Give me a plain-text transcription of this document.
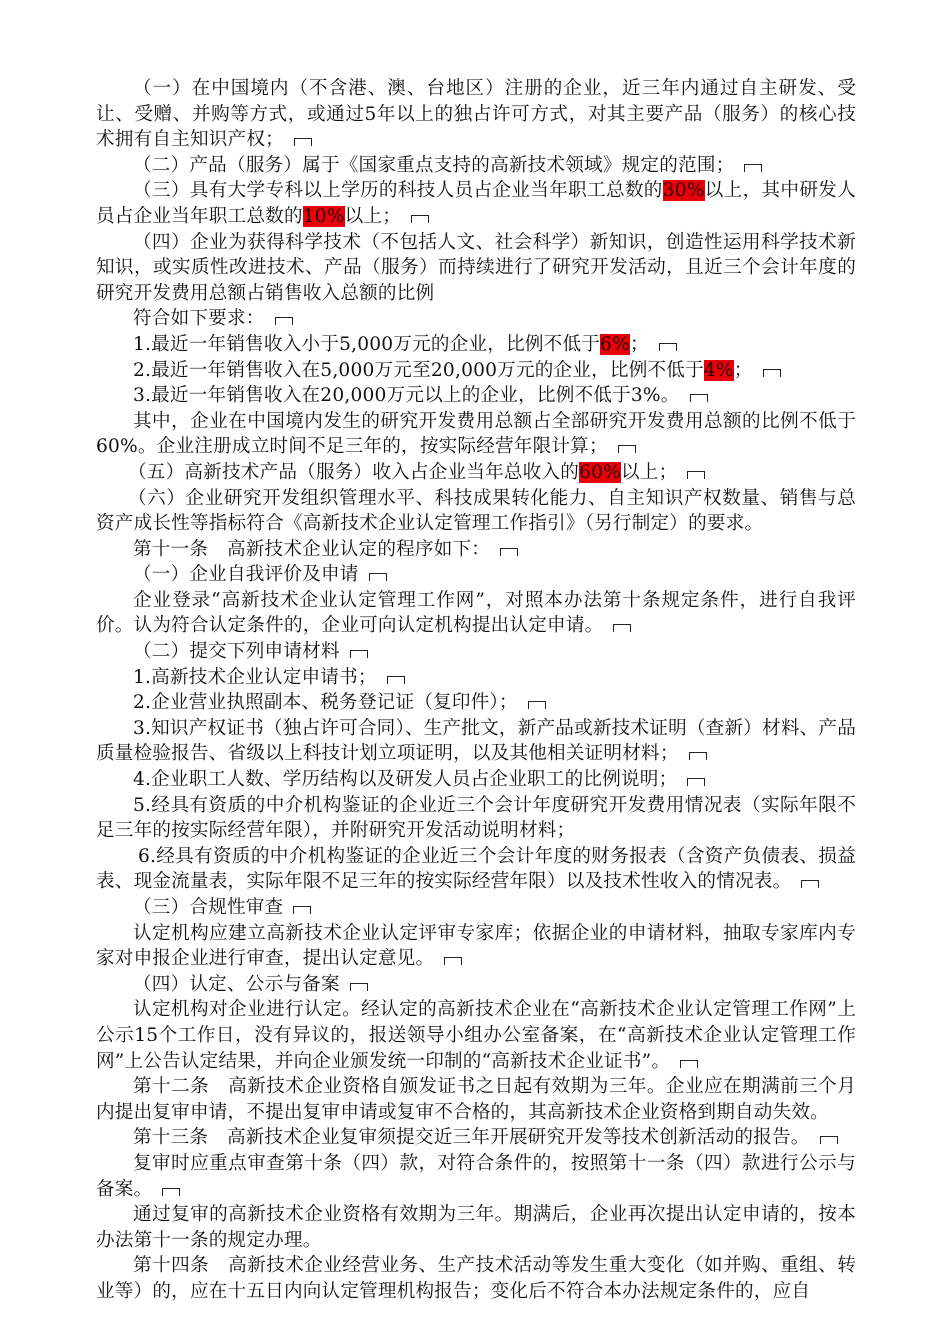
（一）在中国境内（不含港、澳、台地区）注册的企业，近三年内通过自主研发、受让、受赠、并购等方式，或通过5年以上的独占许可方式，对其主要产品（服务）的核心技术拥有自主知识产权；

（二）产品（服务）属于《国家重点支持的高新技术领域》规定的范围；

（三）具有大学专科以上学历的科技人员占企业当年职工总数的30%以上，其中研发人员占企业当年职工总数的10%以上；

（四）企业为获得科学技术（不包括人文、社会科学）新知识，创造性运用科学技术新知识，或实质性改进技术、产品（服务）而持续进行了研究开发活动，且近三个会计年度的研究开发费用总额占销售收入总额的比例

符合如下要求：

1.最近一年销售收入小于5,000万元的企业，比例不低于6%；

2.最近一年销售收入在5,000万元至20,000万元的企业，比例不低于4%；

3.最近一年销售收入在20,000万元以上的企业，比例不低于3%。

其中，企业在中国境内发生的研究开发费用总额占全部研究开发费用总额的比例不低于60%。企业注册成立时间不足三年的，按实际经营年限计算；

（五）高新技术产品（服务）收入占企业当年总收入的60%以上；

（六）企业研究开发组织管理水平、科技成果转化能力、自主知识产权数量、销售与总资产成长性等指标符合《高新技术企业认定管理工作指引》（另行制定）的要求。

第十一条　高新技术企业认定的程序如下：

（一）企业自我评价及申请

企业登录“高新技术企业认定管理工作网”，对照本办法第十条规定条件，进行自我评价。认为符合认定条件的，企业可向认定机构提出认定申请。

（二）提交下列申请材料

1.高新技术企业认定申请书；

2.企业营业执照副本、税务登记证（复印件）；

3.知识产权证书（独占许可合同）、生产批文，新产品或新技术证明（查新）材料、产品质量检验报告、省级以上科技计划立项证明，以及其他相关证明材料；

4.企业职工人数、学历结构以及研发人员占企业职工的比例说明；

5.经具有资质的中介机构鉴证的企业近三个会计年度研究开发费用情况表（实际年限不足三年的按实际经营年限），并附研究开发活动说明材料；

6.经具有资质的中介机构鉴证的企业近三个会计年度的财务报表（含资产负债表、损益表、现金流量表，实际年限不足三年的按实际经营年限）以及技术性收入的情况表。

（三）合规性审查

认定机构应建立高新技术企业认定评审专家库；依据企业的申请材料，抽取专家库内专家对申报企业进行审查，提出认定意见。

（四）认定、公示与备案

认定机构对企业进行认定。经认定的高新技术企业在“高新技术企业认定管理工作网”上公示15个工作日，没有异议的，报送领导小组办公室备案，在“高新技术企业认定管理工作网”上公告认定结果，并向企业颁发统一印制的“高新技术企业证书”。

第十二条　高新技术企业资格自颁发证书之日起有效期为三年。企业应在期满前三个月内提出复审申请，不提出复审申请或复审不合格的，其高新技术企业资格到期自动失效。

第十三条　高新技术企业复审须提交近三年开展研究开发等技术创新活动的报告。

复审时应重点审查第十条（四）款，对符合条件的，按照第十一条（四）款进行公示与备案。

通过复审的高新技术企业资格有效期为三年。期满后，企业再次提出认定申请的，按本办法第十一条的规定办理。

第十四条　高新技术企业经营业务、生产技术活动等发生重大变化（如并购、重组、转业等）的，应在十五日内向认定管理机构报告；变化后不符合本办法规定条件的，应自
